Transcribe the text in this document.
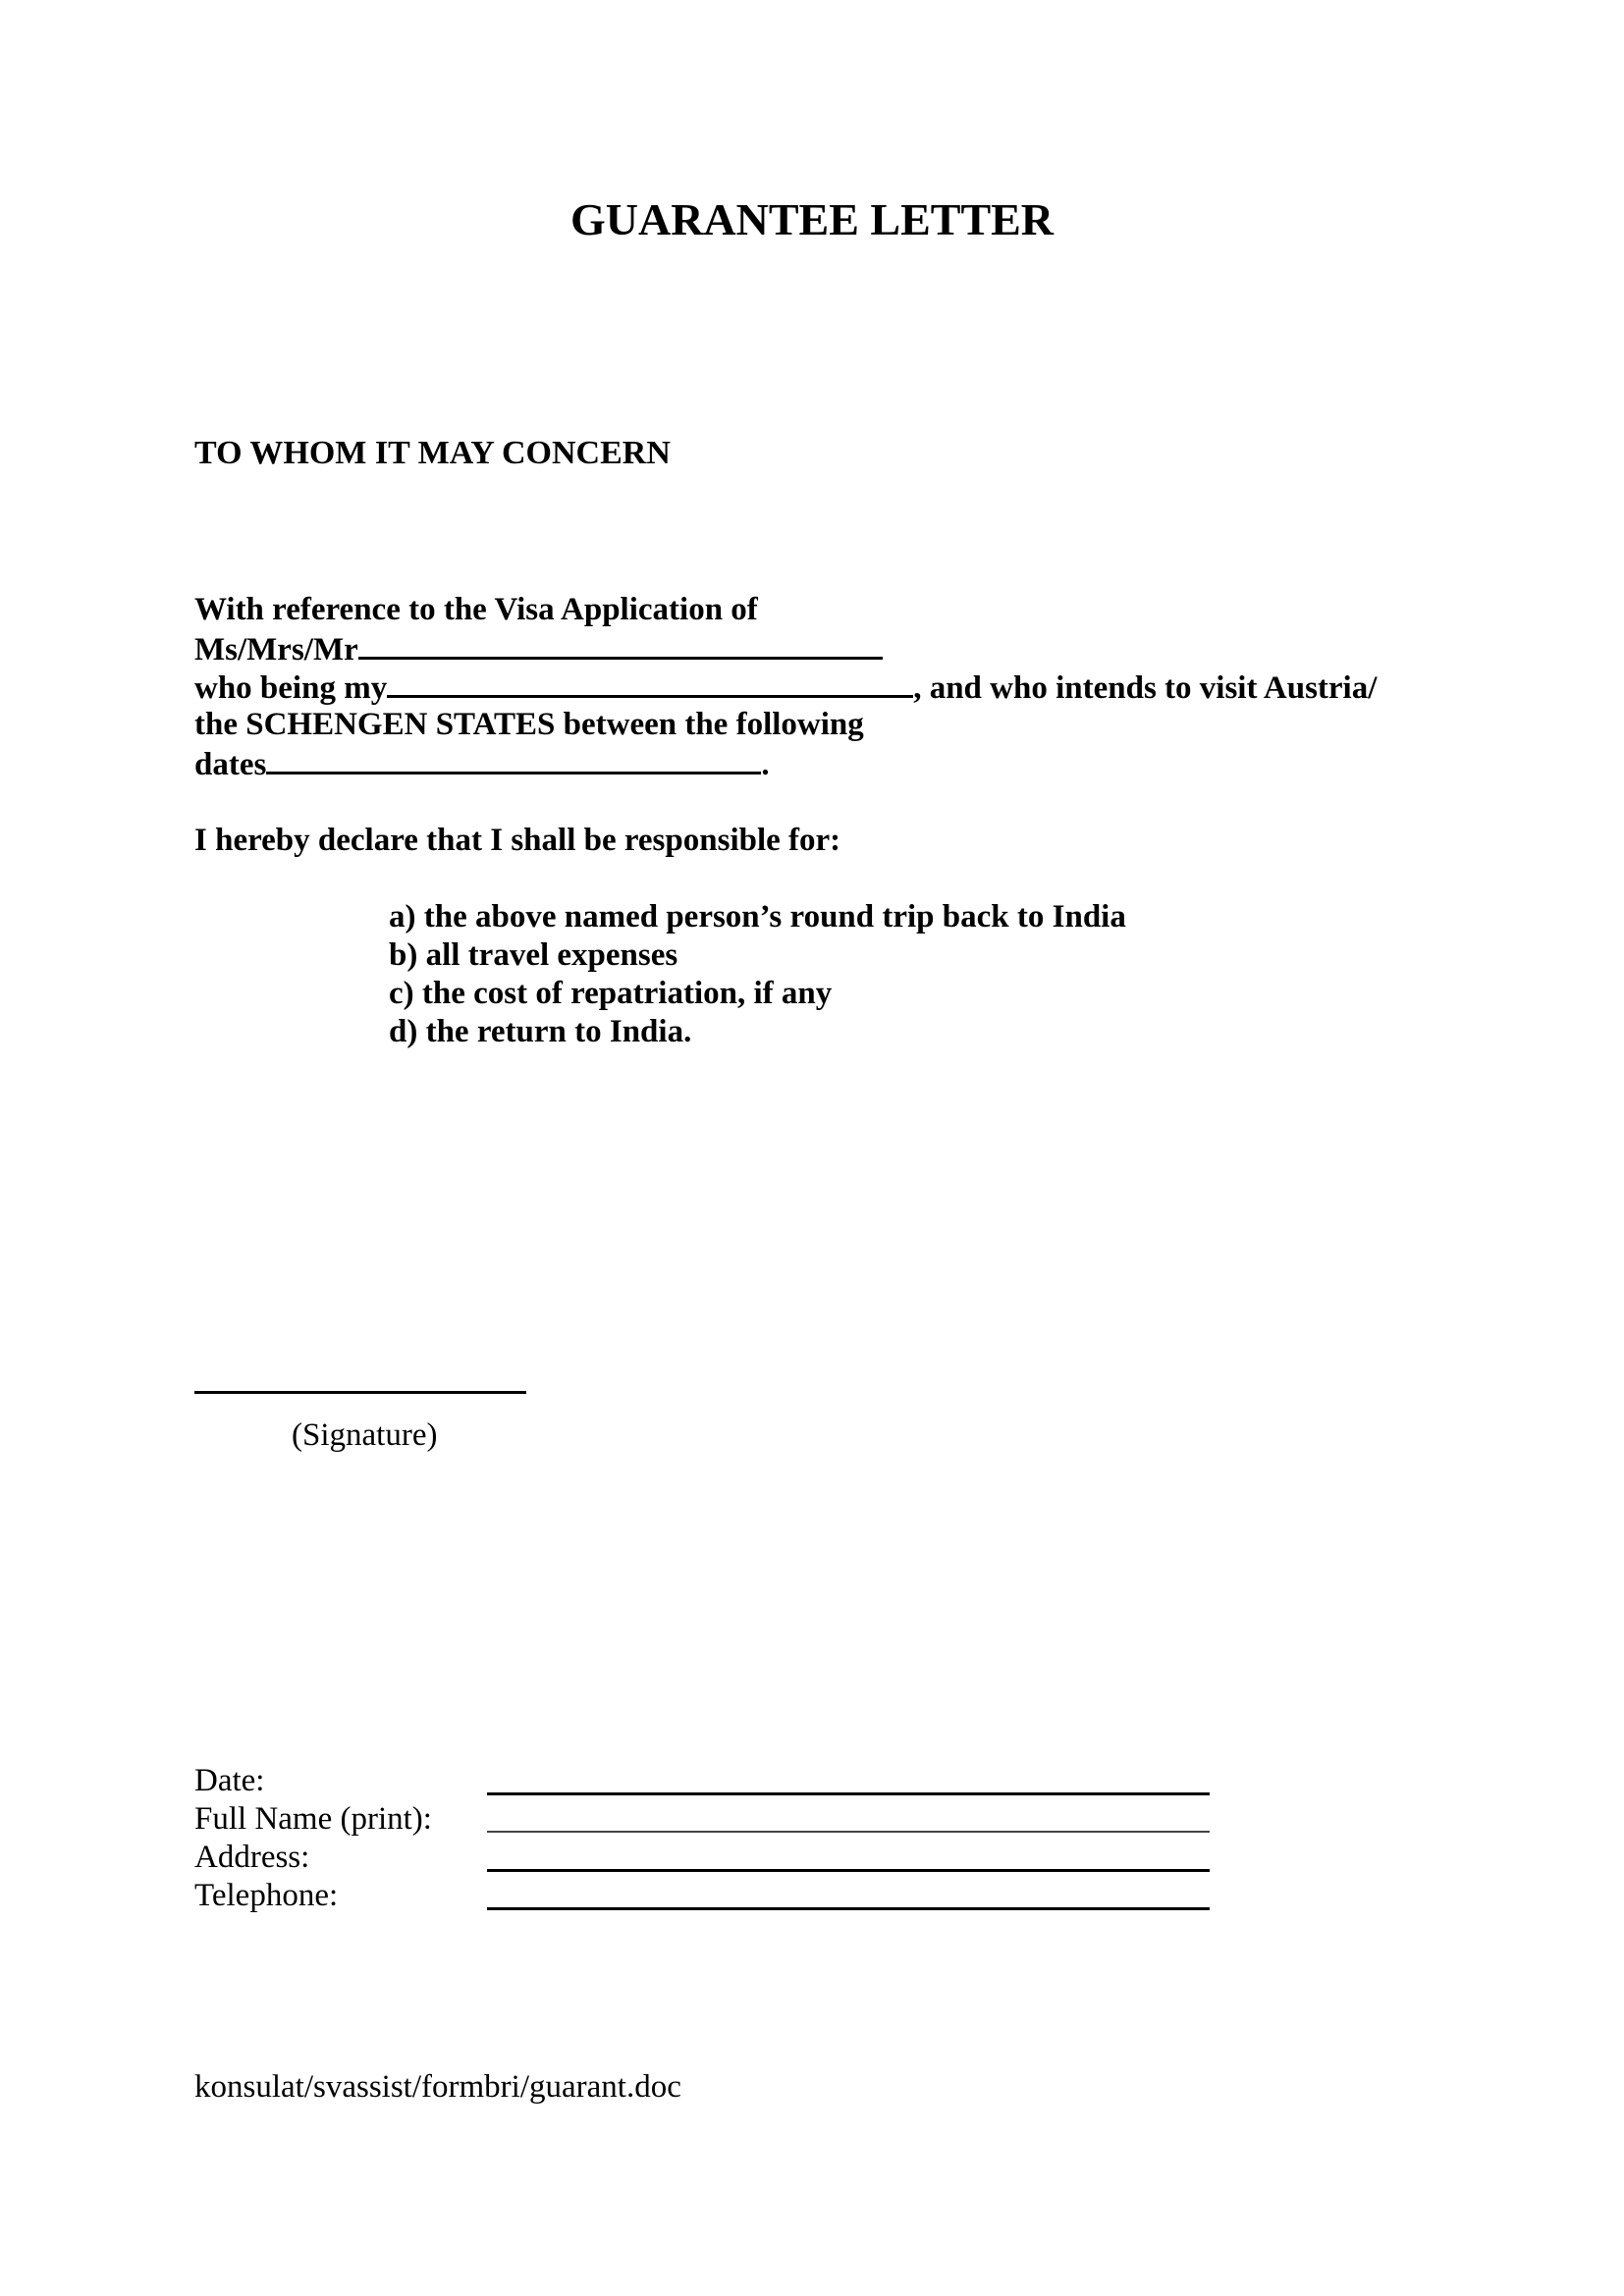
GUARANTEE LETTER
TO WHOM IT MAY CONCERN
With reference to the Visa Application of
Ms/Mrs/Mr
who being my	, and who intends to visit Austria/
the SCHENGEN STATES between the following
dates	.
I hereby declare that I shall be responsible for:
a) the above named person’s round trip back to India
b) all travel expenses
c) the cost of repatriation, if any
d) the return to India.
(Signature)
Date:
Full Name (print):
Address:
Telephone:
konsulat/svassist/formbri/guarant.doc
